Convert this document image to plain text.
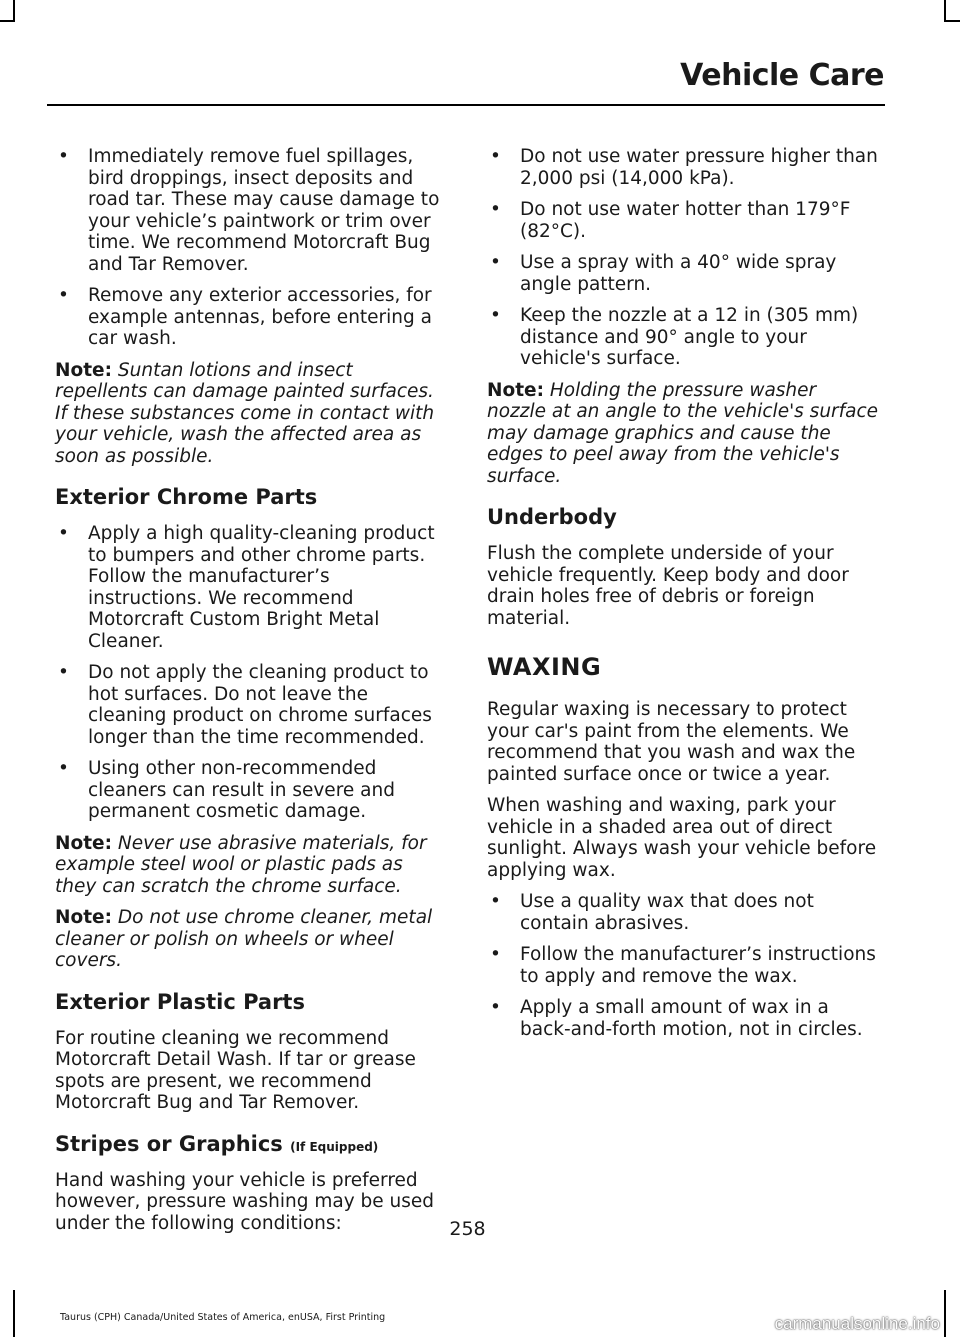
Vehicle Care
• Immediately remove fuel spillages, bird droppings, insect deposits and road tar. These may cause damage to your vehicle’s paintwork or trim over time. We recommend Motorcraft Bug and Tar Remover.
• Remove any exterior accessories, for example antennas, before entering a car wash.

Note: Suntan lotions and insect repellents can damage painted surfaces. If these substances come in contact with your vehicle, wash the affected area as soon as possible.

Exterior Chrome Parts
• Apply a high quality-cleaning product to bumpers and other chrome parts. Follow the manufacturer’s instructions. We recommend Motorcraft Custom Bright Metal Cleaner.
• Do not apply the cleaning product to hot surfaces. Do not leave the cleaning product on chrome surfaces longer than the time recommended.
• Using other non-recommended cleaners can result in severe and permanent cosmetic damage.

Note: Never use abrasive materials, for example steel wool or plastic pads as they can scratch the chrome surface.

Note: Do not use chrome cleaner, metal cleaner or polish on wheels or wheel covers.

Exterior Plastic Parts

For routine cleaning we recommend Motorcraft Detail Wash. If tar or grease spots are present, we recommend Motorcraft Bug and Tar Remover.

Stripes or Graphics (If Equipped)

Hand washing your vehicle is preferred however, pressure washing may be used under the following conditions:

• Do not use water pressure higher than 2,000 psi (14,000 kPa).
• Do not use water hotter than 179°F (82°C).
• Use a spray with a 40° wide spray angle pattern.
• Keep the nozzle at a 12 in (305 mm) distance and 90° angle to your vehicle's surface.

Note: Holding the pressure washer nozzle at an angle to the vehicle's surface may damage graphics and cause the edges to peel away from the vehicle's surface.

Underbody

Flush the complete underside of your vehicle frequently. Keep body and door drain holes free of debris or foreign material.

WAXING

Regular waxing is necessary to protect your car's paint from the elements. We recommend that you wash and wax the painted surface once or twice a year.

When washing and waxing, park your vehicle in a shaded area out of direct sunlight. Always wash your vehicle before applying wax.

• Use a quality wax that does not contain abrasives.
• Follow the manufacturer’s instructions to apply and remove the wax.
• Apply a small amount of wax in a back-and-forth motion, not in circles.
258
Taurus (CPH) Canada/United States of America, enUSA, First Printing	carmanualsonline.info
